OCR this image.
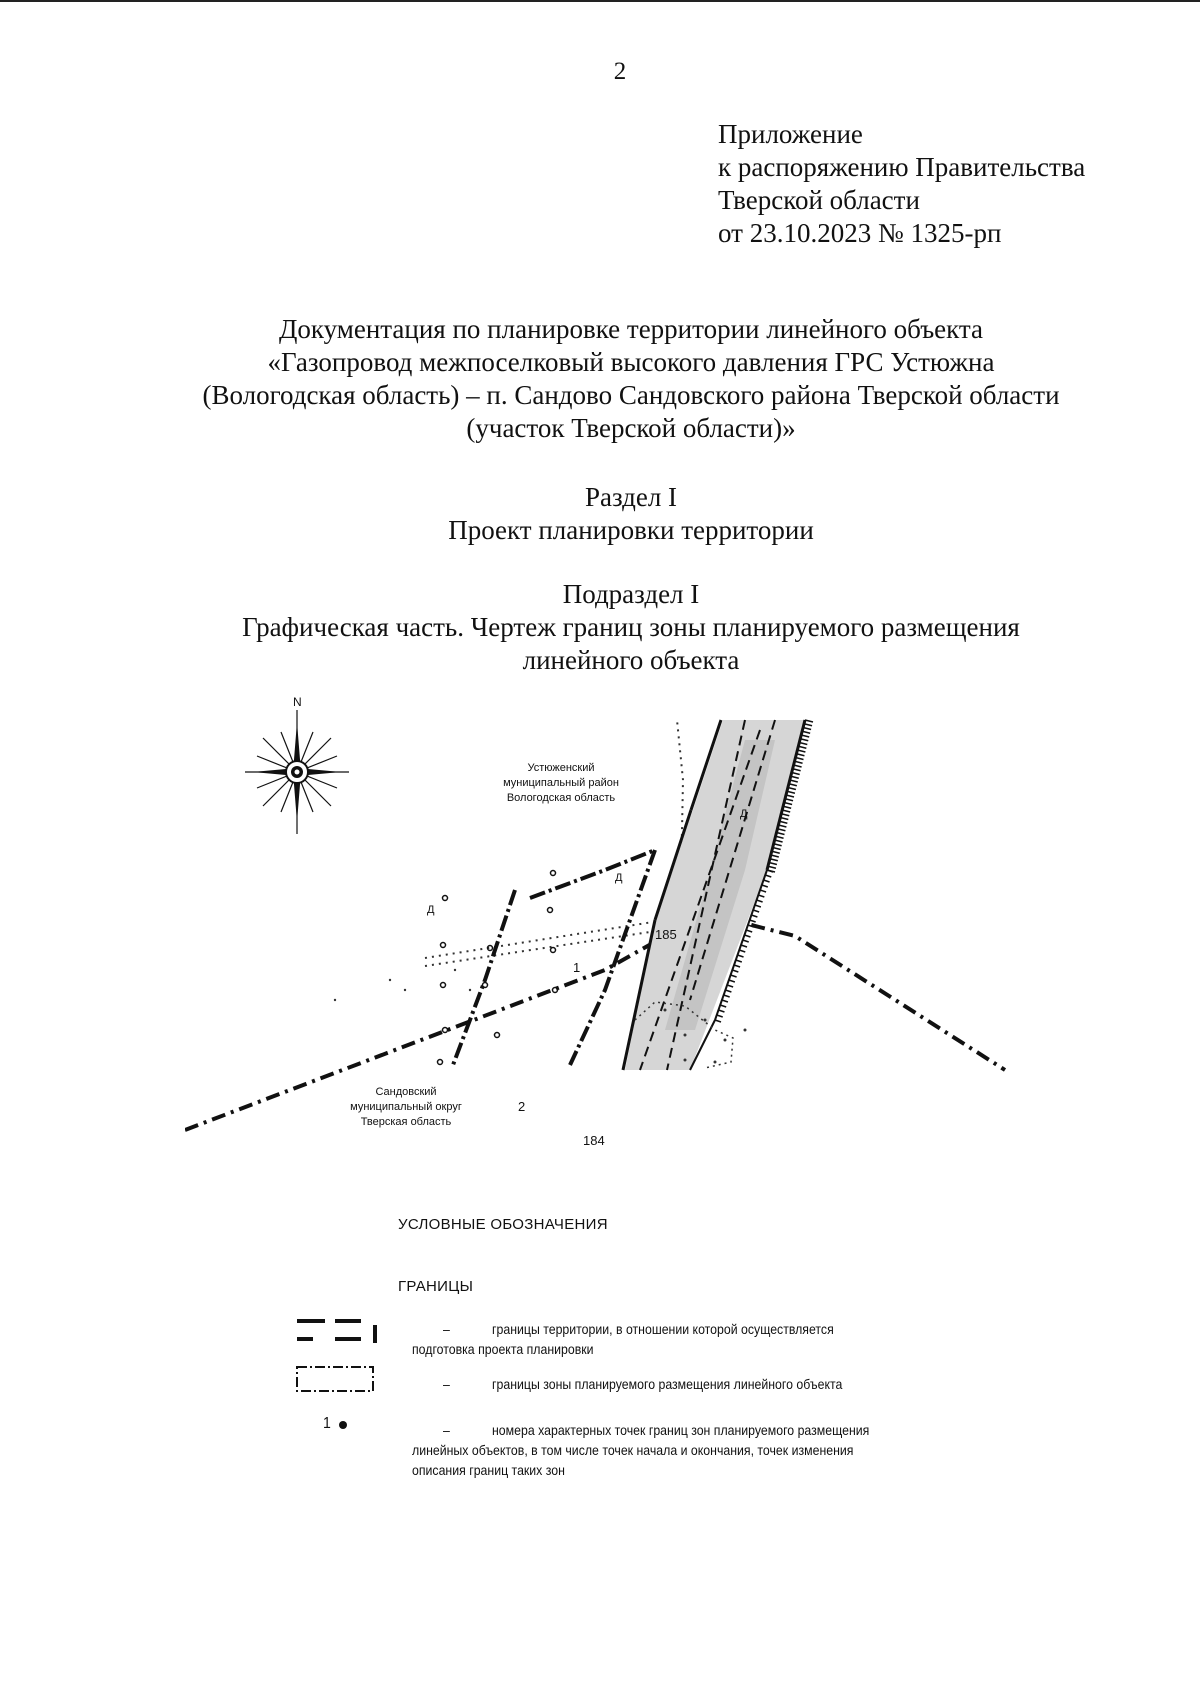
2
Приложение
к распоряжению Правительства
Тверской области
от 23.10.2023 № 1325-рп
Документация по планировке территории линейного объекта
«Газопровод межпоселковый высокого давления ГРС Устюжна
(Вологодская область) – п. Сандово Сандовского района Тверской области
(участок Тверской области)»
Раздел I
Проект планировки территории
Подраздел I
Графическая часть. Чертеж границ зоны планируемого размещения
линейного объекта
N
Устюженский
муниципальный район
Вологодская область
Сандовский
муниципальный округ
Тверская область
Д
Д
Д
185
184
1
2
УСЛОВНЫЕ ОБОЗНАЧЕНИЯ
ГРАНИЦЫ
–	границы территории, в отношении которой осуществляется
подготовка проекта планировки
–	границы зоны планируемого размещения линейного объекта
1	–	номера характерных точек границ зон планируемого размещения
линейных объектов, в том числе точек начала и окончания, точек изменения
описания границ таких зон
